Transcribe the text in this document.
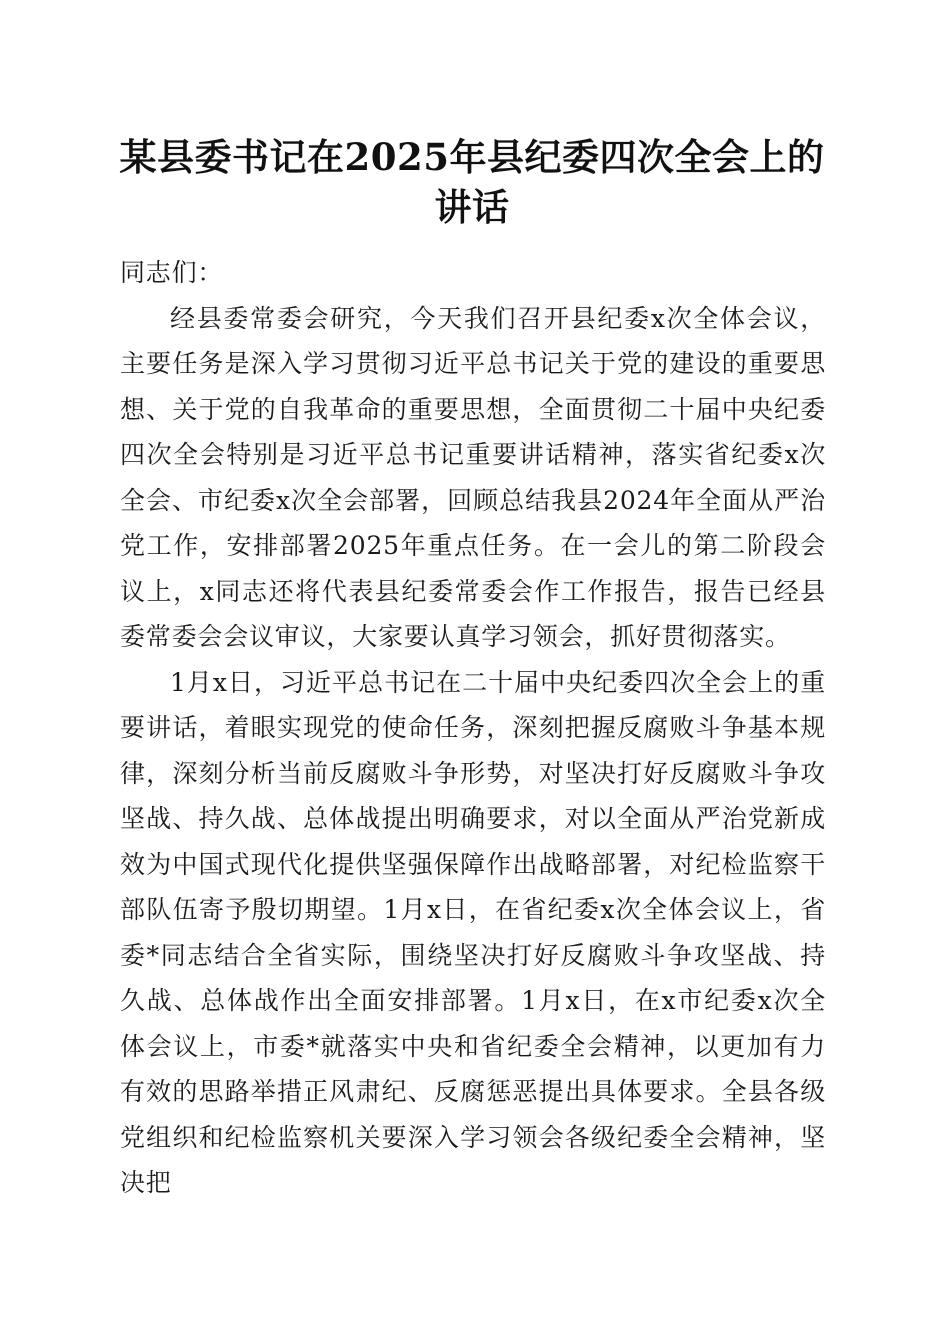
某县委书记在2025年县纪委四次全会上的讲话

同志们：

经县委常委会研究，今天我们召开县纪委x次全体会议，主要任务是深入学习贯彻习近平总书记关于党的建设的重要思想、关于党的自我革命的重要思想，全面贯彻二十届中央纪委四次全会特别是习近平总书记重要讲话精神，落实省纪委x次全会、市纪委x次全会部署，回顾总结我县2024年全面从严治党工作，安排部署2025年重点任务。在一会儿的第二阶段会议上，x同志还将代表县纪委常委会作工作报告，报告已经县委常委会会议审议，大家要认真学习领会，抓好贯彻落实。

1月x日，习近平总书记在二十届中央纪委四次全会上的重要讲话，着眼实现党的使命任务，深刻把握反腐败斗争基本规律，深刻分析当前反腐败斗争形势，对坚决打好反腐败斗争攻坚战、持久战、总体战提出明确要求，对以全面从严治党新成效为中国式现代化提供坚强保障作出战略部署，对纪检监察干部队伍寄予殷切期望。1月x日，在省纪委x次全体会议上，省委*同志结合全省实际，围绕坚决打好反腐败斗争攻坚战、持久战、总体战作出全面安排部署。1月x日，在x市纪委x次全体会议上，市委*就落实中央和省纪委全会精神，以更加有力有效的思路举措正风肃纪、反腐惩恶提出具体要求。全县各级党组织和纪检监察机关要深入学习领会各级纪委全会精神，坚决把
